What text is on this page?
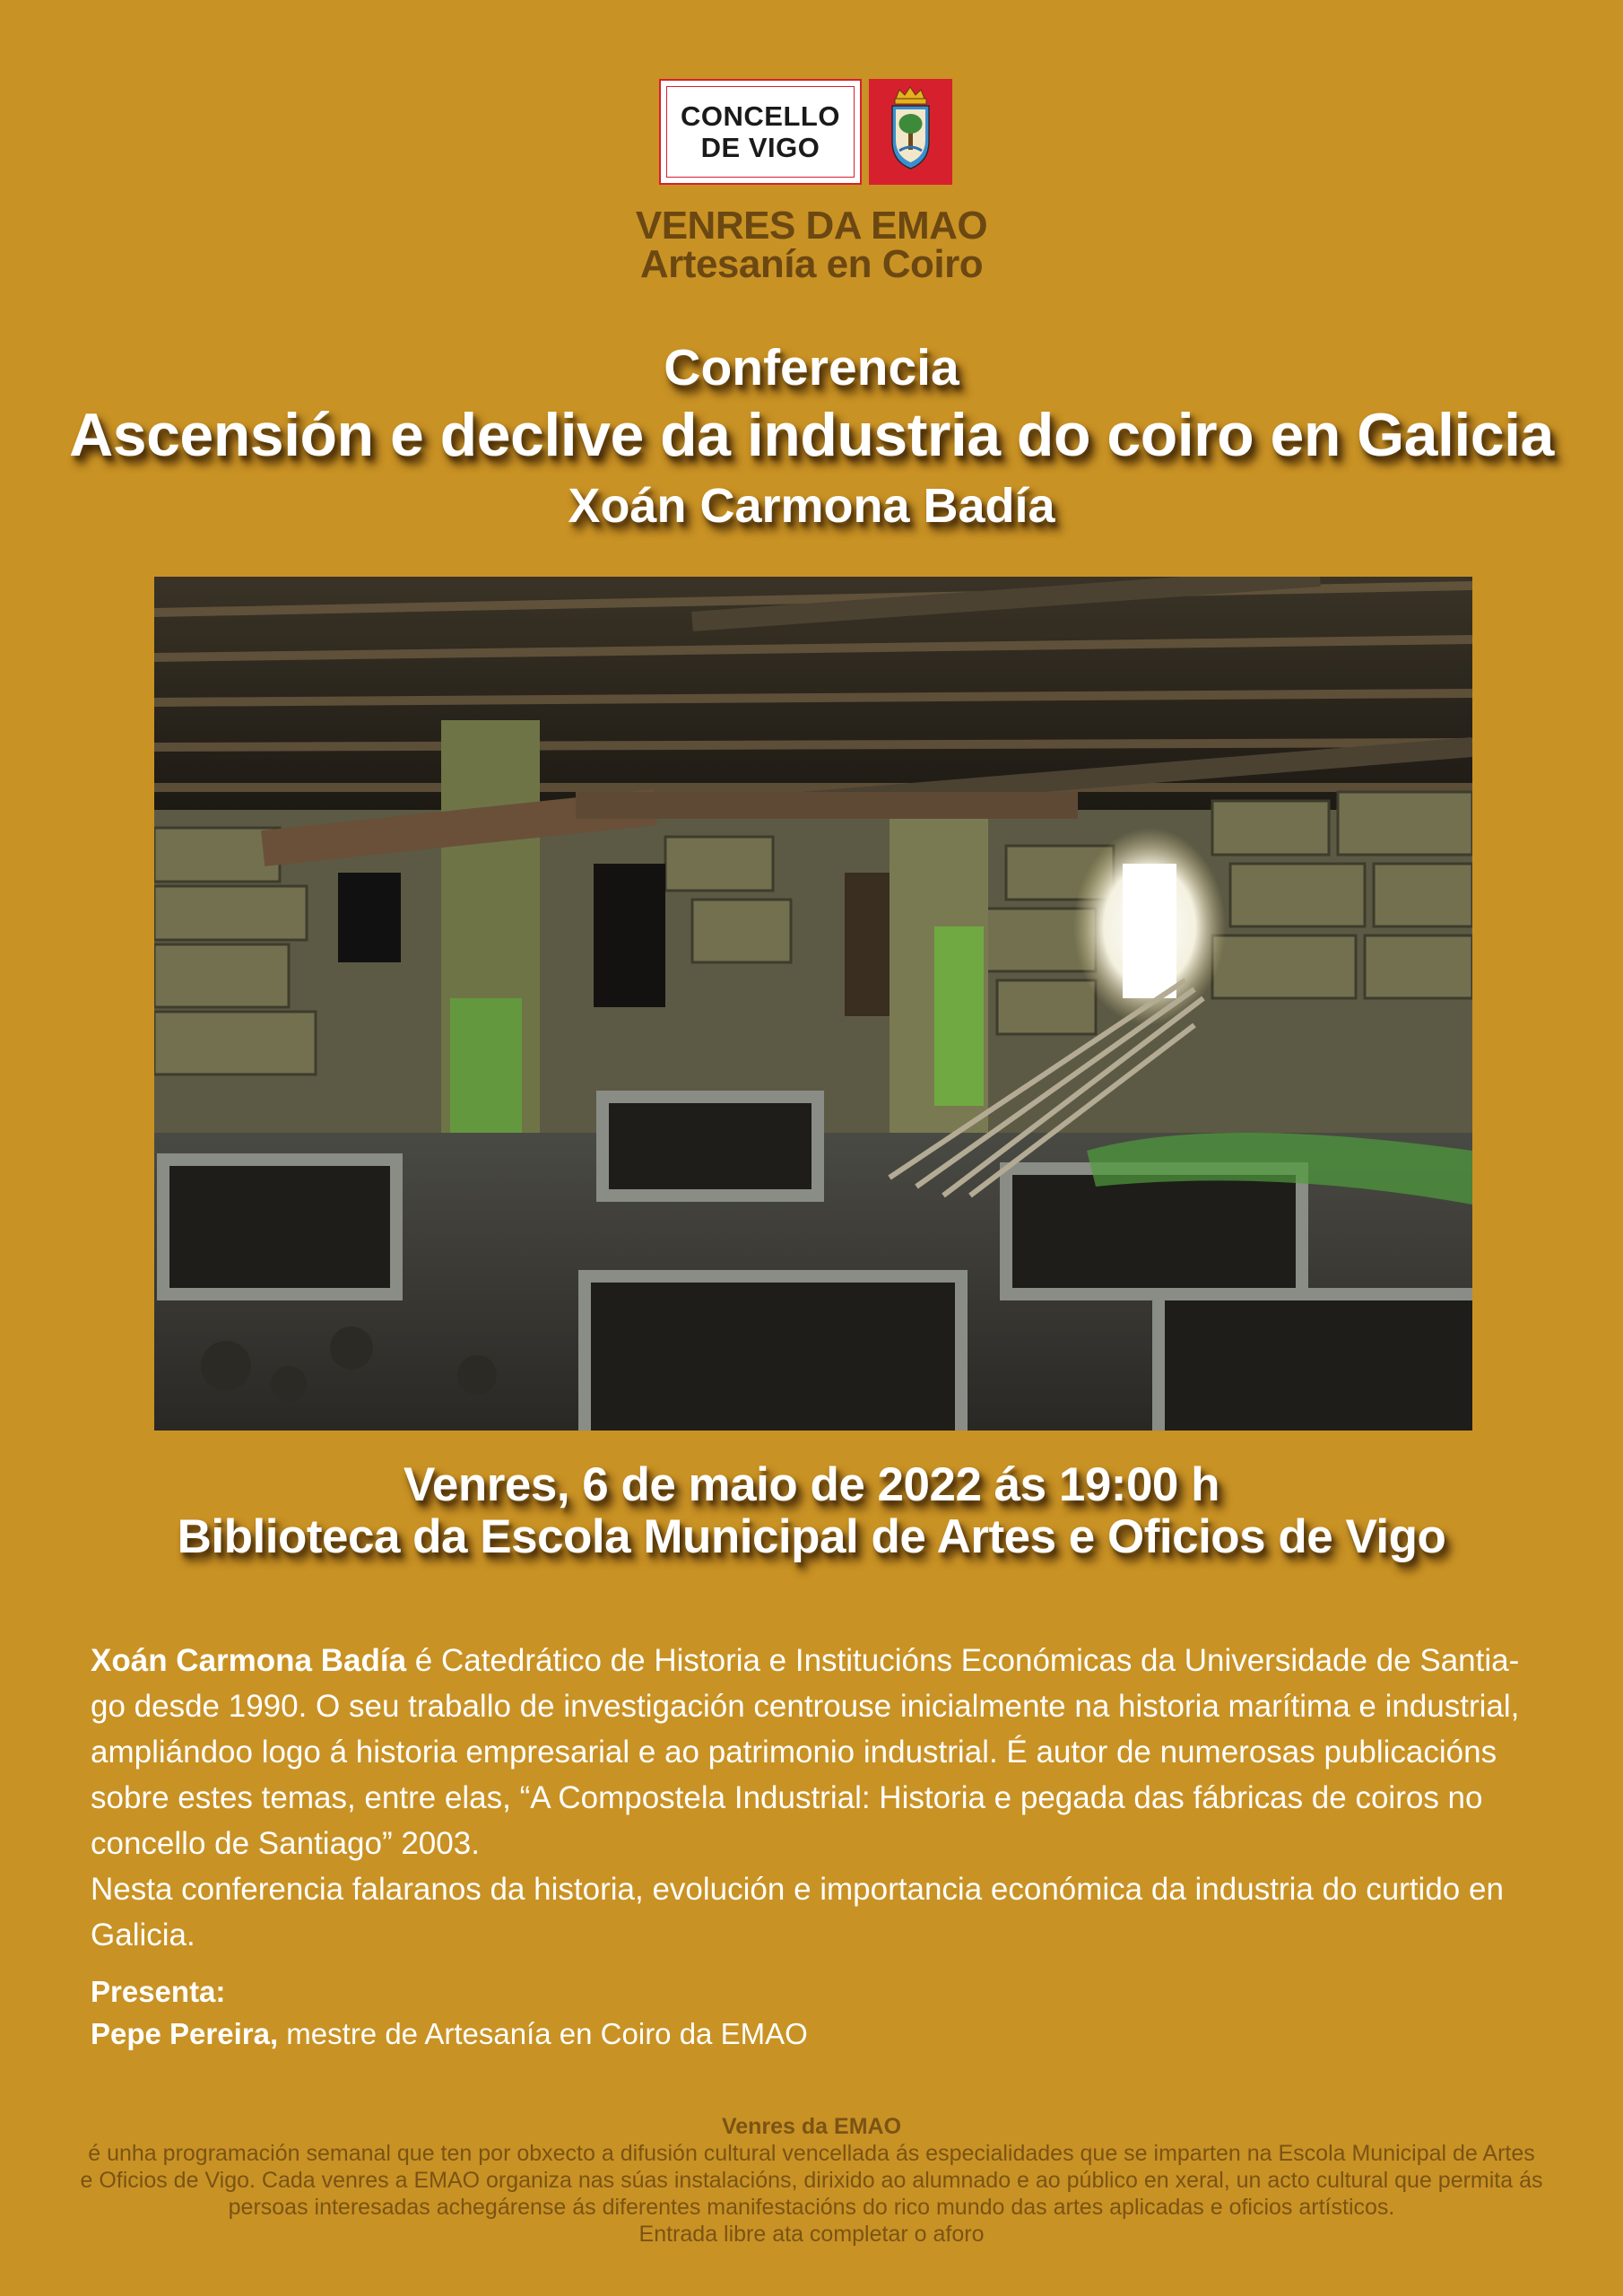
CONCELLO
DE VIGO
VENRES DA EMAO
Artesanía en Coiro
Conferencia
Ascensión e declive da industria do coiro en Galicia
Xoán Carmona Badía
Venres, 6 de maio de 2022 ás 19:00 h
Biblioteca da Escola Municipal de Artes e Oficios de Vigo

Xoán Carmona Badía é Catedrático de Historia e Institucións Económicas da Universidade de Santia-go desde 1990. O seu traballo de investigación centrouse inicialmente na historia marítima e industrial, ampliándoo logo á historia empresarial e ao patrimonio industrial. É autor de numerosas publicacións sobre estes temas, entre elas, “A Compostela Industrial: Historia e pegada das fábricas de coiros no concello de Santiago” 2003.

Nesta conferencia falaranos da historia, evolución e importancia económica da industria do curtido en Galicia.

Presenta:

Pepe Pereira, mestre de Artesanía en Coiro da EMAO

Venres da EMAO

é unha programación semanal que ten por obxecto a difusión cultural vencellada ás especialidades que se imparten na Escola Municipal de Artes

e Oficios de Vigo. Cada venres a EMAO organiza nas súas instalacións, dirixido ao alumnado e ao público en xeral, un acto cultural que permita ás

persoas interesadas achegárense ás diferentes manifestacións do rico mundo das artes aplicadas e oficios artísticos.

Entrada libre ata completar o aforo
